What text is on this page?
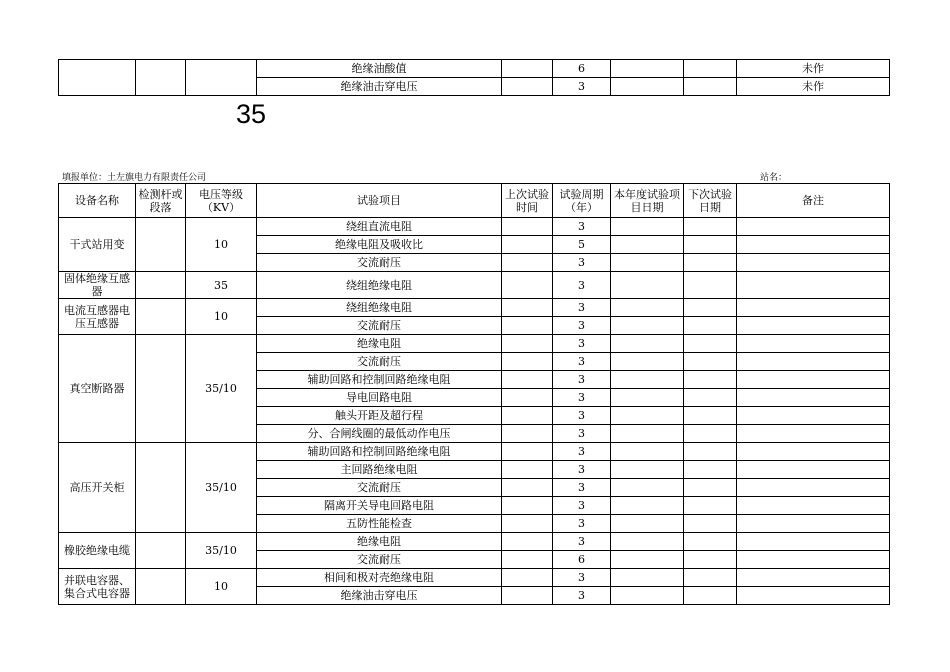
			绝缘油酸值		6			未作
			绝缘油击穿电压		3			未作
35
填报单位：土左旗电力有限责任公司	站名：
设备名称	检测杆或段落	电压等级（KV）	试验项目	上次试验时间	试验周期（年）	本年度试验项目日期	下次试验日期	备注
干式站用变		10	绕组直流电阻		3			
			绝缘电阻及吸收比		5			
			交流耐压		3			
固体绝缘互感器		35	绕组绝缘电阻		3			
电流互感器电压互感器		10	绕组绝缘电阻		3			
			交流耐压		3			
真空断路器		35/10	绝缘电阻		3			
			交流耐压		3			
			辅助回路和控制回路绝缘电阻		3			
			导电回路电阻		3			
			触头开距及超行程		3			
			分、合闸线圈的最低动作电压		3			
高压开关柜		35/10	辅助回路和控制回路绝缘电阻		3			
			主回路绝缘电阻		3			
			交流耐压		3			
			隔离开关导电回路电阻		3			
			五防性能检查		3			
橡胶绝缘电缆		35/10	绝缘电阻		3			
			交流耐压		6			
并联电容器、集合式电容器		10	相间和极对壳绝缘电阻		3			
			绝缘油击穿电压		3			
